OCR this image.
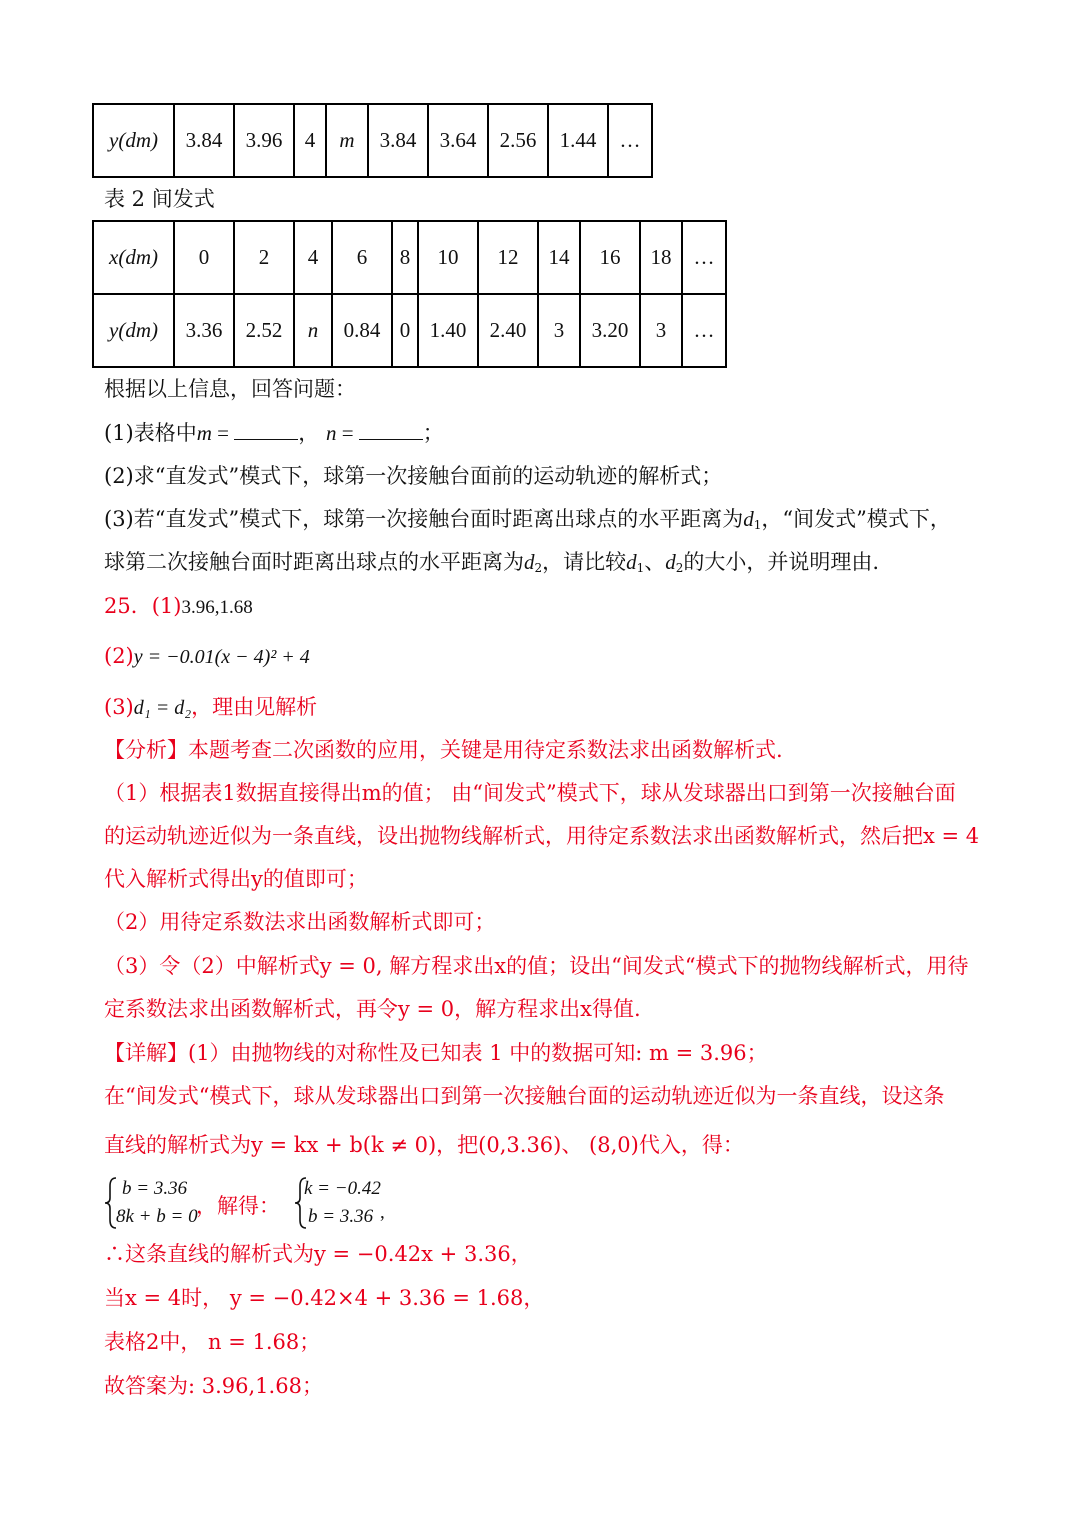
y(dm)	3.84	3.96	4	m	3.84	3.64	2.56	1.44	…
表 2 间发式
x(dm)	0	2	4	6	8	10	12	14	16	18	…
y(dm)	3.36	2.52	n	0.84	0	1.40	2.40	3	3.20	3	…
根据以上信息，回答问题：
(1)表格中m =	， n =	；
(2)求“直发式”模式下，球第一次接触台面前的运动轨迹的解析式；
(3)若“直发式”模式下，球第一次接触台面时距离出球点的水平距离为$d_1$，“间发式”模式下，
球第二次接触台面时距离出球点的水平距离为$d_2$，请比较$d_1$、$d_2$的大小，并说明理由.
25．(1)3.96,1.68
(2)y = −0.01(x − 4)² + 4
(3)d₁ = d₂，理由见解析
【分析】本题考查二次函数的应用，关键是用待定系数法求出函数解析式.
（1）根据表1数据直接得出m的值； 由“间发式”模式下，球从发球器出口到第一次接触台面
的运动轨迹近似为一条直线，设出抛物线解析式，用待定系数法求出函数解析式，然后把x = 4
代入解析式得出y的值即可；
（2）用待定系数法求出函数解析式即可；
（3）令（2）中解析式y = 0, 解方程求出x的值；设出“间发式“模式下的抛物线解析式，用待
定系数法求出函数解析式，再令y = 0，解方程求出x得值.
【详解】(1）由抛物线的对称性及已知表 1 中的数据可知: m = 3.96；
在“间发式“模式下，球从发球器出口到第一次接触台面的运动轨迹近似为一条直线，设这条
直线的解析式为y = kx + b(k ≠ 0)，把(0,3.36)、 (8,0)代入，得：
b = 3.36
8k + b = 0
，解得：
k = −0.42
b = 3.36 ,
∴这条直线的解析式为y = −0.42x + 3.36，
当x = 4时， y = −0.42×4 + 3.36 = 1.68，
表格2中， n = 1.68；
故答案为: 3.96,1.68；
